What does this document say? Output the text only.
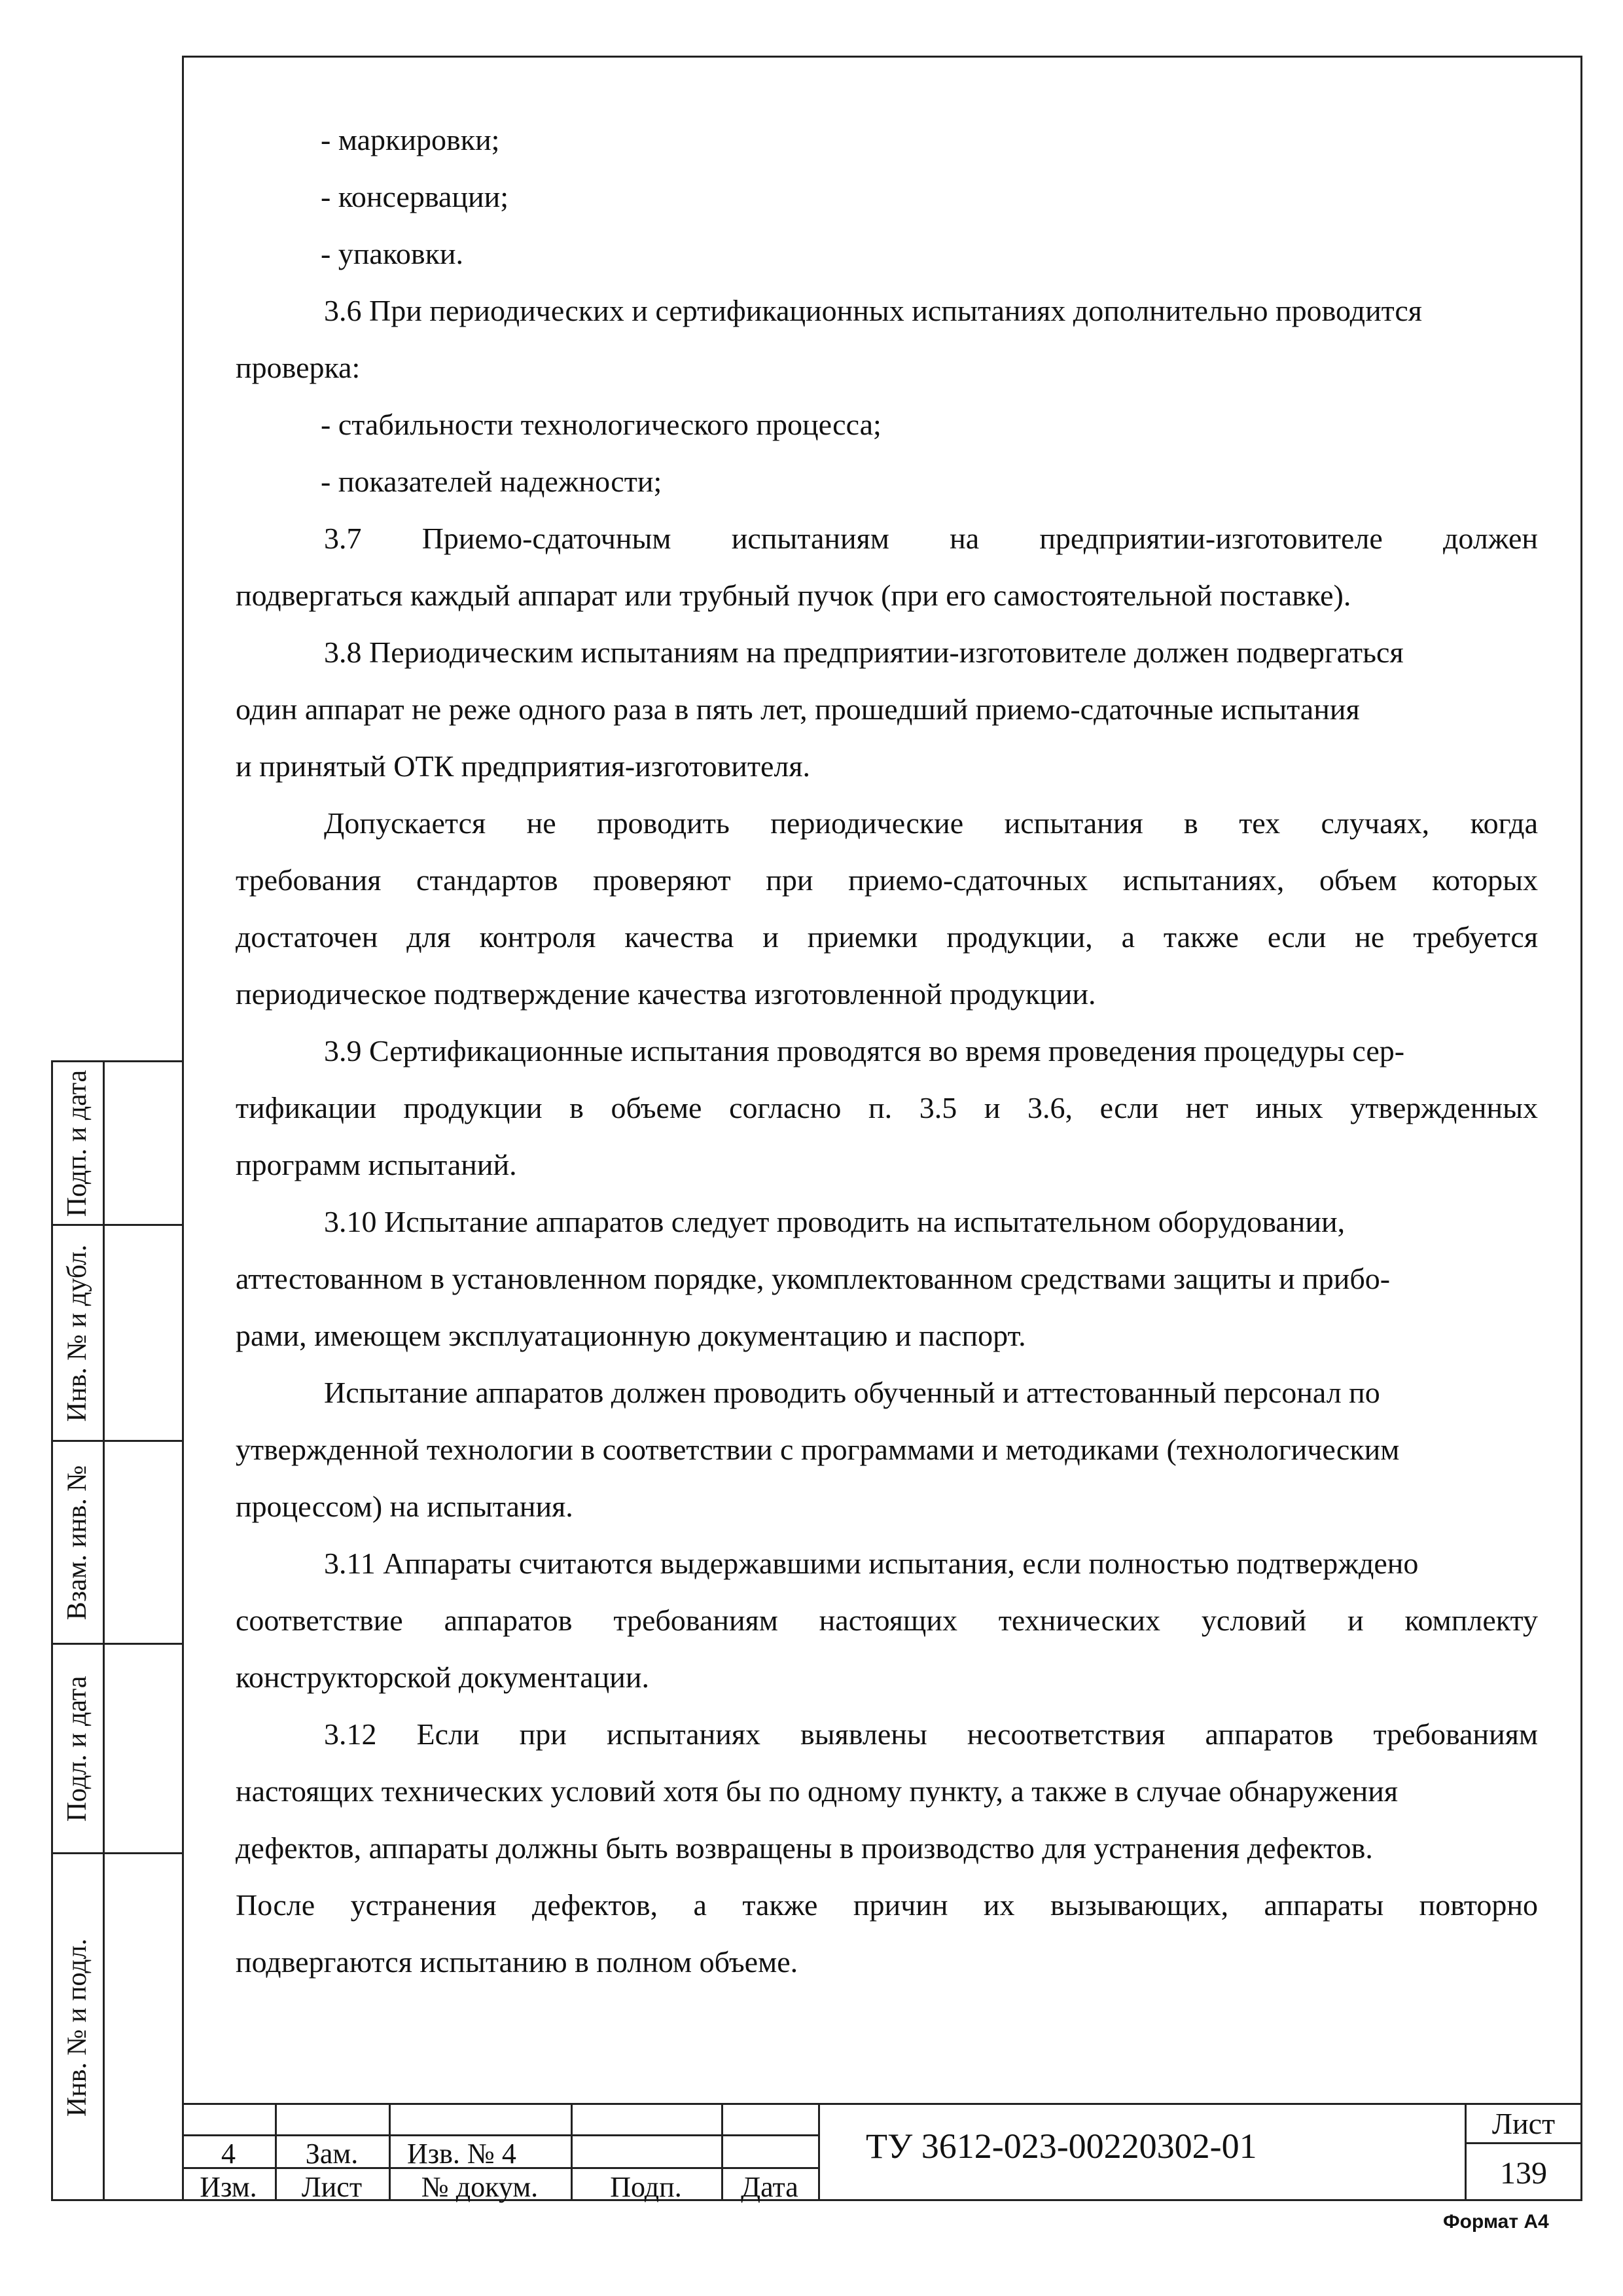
- маркировки;
- консервации;
- упаковки.
3.6 При периодических и сертификационных испытаниях дополнительно проводится
проверка:
- стабильности технологического процесса;
- показателей надежности;
3.7 Приемо-сдаточным испытаниям на предприятии-изготовителе должен
подвергаться каждый аппарат или трубный пучок (при его самостоятельной поставке).
3.8 Периодическим испытаниям на предприятии-изготовителе должен подвергаться
один аппарат не реже одного раза в пять лет, прошедший приемо-сдаточные испытания
и принятый ОТК предприятия-изготовителя.
Допускается не проводить периодические испытания в тех случаях, когда
требования стандартов проверяют при приемо-сдаточных испытаниях, объем которых
достаточен для контроля качества и приемки продукции, а также если не требуется
периодическое подтверждение качества изготовленной продукции.
3.9 Сертификационные испытания проводятся во время проведения процедуры сер-
тификации продукции в объеме согласно п. 3.5 и 3.6, если нет иных утвержденных
программ испытаний.
3.10 Испытание аппаратов следует проводить на испытательном оборудовании,
аттестованном в установленном порядке, укомплектованном средствами защиты и прибо-
рами, имеющем эксплуатационную документацию и паспорт.
Испытание аппаратов должен проводить обученный и аттестованный персонал по
утвержденной технологии в соответствии с программами и методиками (технологическим
процессом) на испытания.
3.11 Аппараты считаются выдержавшими испытания, если полностью подтверждено
соответствие аппаратов требованиям настоящих технических условий и комплекту
конструкторской документации.
3.12 Если при испытаниях выявлены несоответствия аппаратов требованиям
настоящих технических условий хотя бы по одному пункту, а также в случае обнаружения
дефектов, аппараты должны быть возвращены в производство для устранения дефектов.
После устранения дефектов, а также причин их вызывающих, аппараты повторно
подвергаются испытанию в полном объеме.
Подп. и дата
Инв. № и дубл.
Взам. инв. №
Подл. и дата
Инв. № и подл.
4	Зам.	Изв. № 4
Изм.	Лист	№ докум.	Подп.	Дата
ТУ 3612-023-00220302-01
Лист
139
Формат А4
